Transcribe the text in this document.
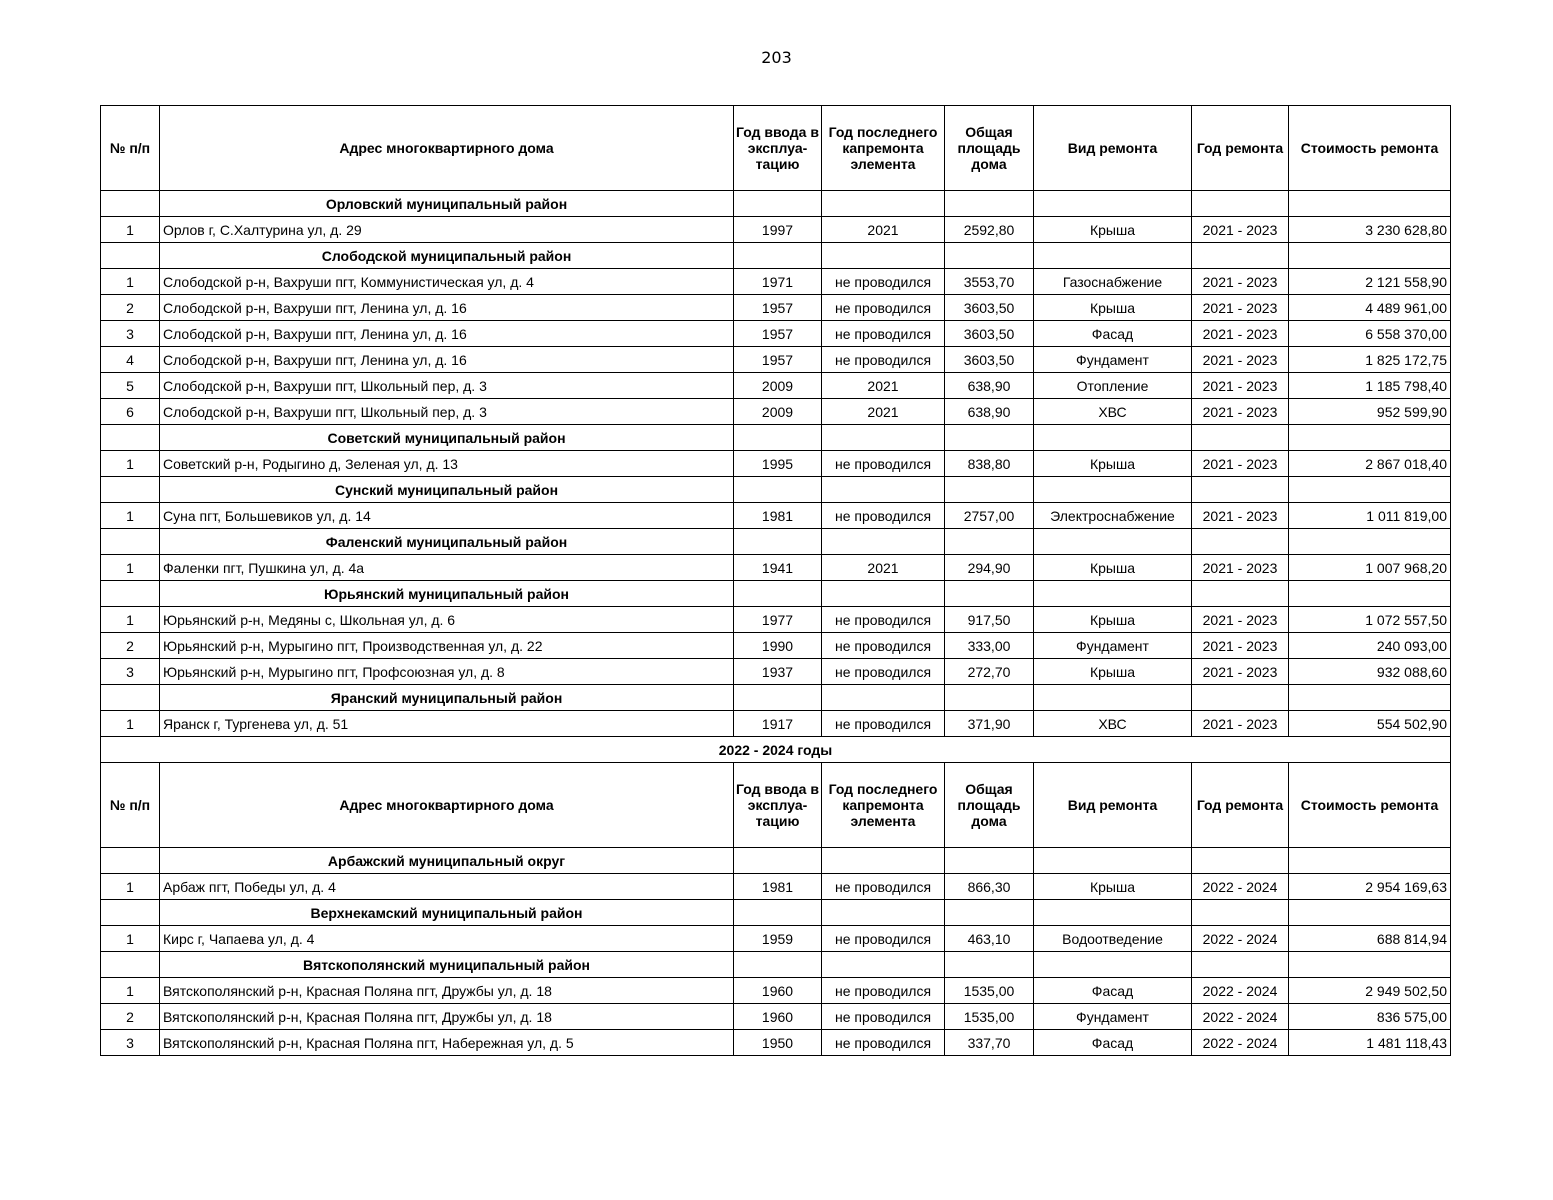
203
№ п/п	Адрес многоквартирного дома	Год ввода в эксплуа-тацию	Год последнего капремонта элемента	Общая площадь дома	Вид ремонта	Год ремонта	Стоимость ремонта
	Орловский муниципальный район						
1	Орлов г, С.Халтурина ул, д. 29	1997	2021	2592,80	Крыша	2021 - 2023	3 230 628,80
	Слободской муниципальный район						
1	Слободской р-н, Вахруши пгт, Коммунистическая ул, д. 4	1971	не проводился	3553,70	Газоснабжение	2021 - 2023	2 121 558,90
2	Слободской р-н, Вахруши пгт, Ленина ул, д. 16	1957	не проводился	3603,50	Крыша	2021 - 2023	4 489 961,00
3	Слободской р-н, Вахруши пгт, Ленина ул, д. 16	1957	не проводился	3603,50	Фасад	2021 - 2023	6 558 370,00
4	Слободской р-н, Вахруши пгт, Ленина ул, д. 16	1957	не проводился	3603,50	Фундамент	2021 - 2023	1 825 172,75
5	Слободской р-н, Вахруши пгт, Школьный пер, д. 3	2009	2021	638,90	Отопление	2021 - 2023	1 185 798,40
6	Слободской р-н, Вахруши пгт, Школьный пер, д. 3	2009	2021	638,90	ХВС	2021 - 2023	952 599,90
	Советский муниципальный район						
1	Советский р-н, Родыгино д, Зеленая ул, д. 13	1995	не проводился	838,80	Крыша	2021 - 2023	2 867 018,40
	Сунский муниципальный район						
1	Суна пгт, Большевиков ул, д. 14	1981	не проводился	2757,00	Электроснабжение	2021 - 2023	1 011 819,00
	Фаленский муниципальный район						
1	Фаленки пгт, Пушкина ул, д. 4а	1941	2021	294,90	Крыша	2021 - 2023	1 007 968,20
	Юрьянский муниципальный район						
1	Юрьянский р-н, Медяны с, Школьная ул, д. 6	1977	не проводился	917,50	Крыша	2021 - 2023	1 072 557,50
2	Юрьянский р-н, Мурыгино пгт, Производственная ул, д. 22	1990	не проводился	333,00	Фундамент	2021 - 2023	240 093,00
3	Юрьянский р-н, Мурыгино пгт, Профсоюзная ул, д. 8	1937	не проводился	272,70	Крыша	2021 - 2023	932 088,60
	Яранский муниципальный район						
1	Яранск г, Тургенева ул, д. 51	1917	не проводился	371,90	ХВС	2021 - 2023	554 502,90
2022 - 2024 годы							
№ п/п	Адрес многоквартирного дома	Год ввода в эксплуа-тацию	Год последнего капремонта элемента	Общая площадь дома	Вид ремонта	Год ремонта	Стоимость ремонта
	Арбажский муниципальный округ						
1	Арбаж пгт, Победы ул, д. 4	1981	не проводился	866,30	Крыша	2022 - 2024	2 954 169,63
	Верхнекамский муниципальный район						
1	Кирс г, Чапаева ул, д. 4	1959	не проводился	463,10	Водоотведение	2022 - 2024	688 814,94
	Вятскополянский муниципальный район						
1	Вятскополянский р-н, Красная Поляна пгт, Дружбы ул, д. 18	1960	не проводился	1535,00	Фасад	2022 - 2024	2 949 502,50
2	Вятскополянский р-н, Красная Поляна пгт, Дружбы ул, д. 18	1960	не проводился	1535,00	Фундамент	2022 - 2024	836 575,00
3	Вятскополянский р-н, Красная Поляна пгт, Набережная ул, д. 5	1950	не проводился	337,70	Фасад	2022 - 2024	1 481 118,43
